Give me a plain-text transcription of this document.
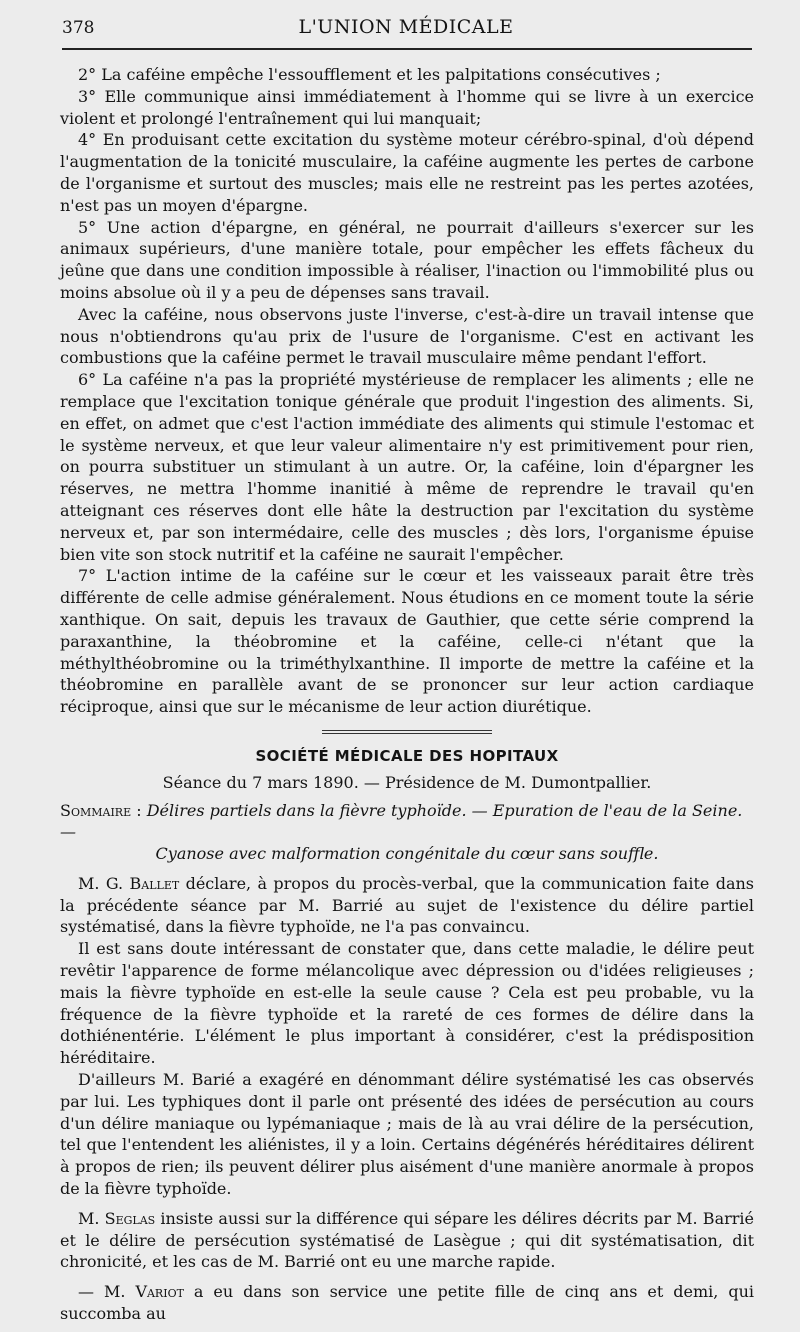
378	L'UNION MÉDICALE

2° La caféine empêche l'essoufflement et les palpitations consécutives ;

3° Elle communique ainsi immédiatement à l'homme qui se livre à un exercice violent et prolongé l'entraînement qui lui manquait;

4° En produisant cette excitation du système moteur cérébro-spinal, d'où dépend l'augmentation de la tonicité musculaire, la caféine augmente les pertes de carbone de l'organisme et surtout des muscles; mais elle ne restreint pas les pertes azotées, n'est pas un moyen d'épargne.

5° Une action d'épargne, en général, ne pourrait d'ailleurs s'exercer sur les animaux supérieurs, d'une manière totale, pour empêcher les effets fâcheux du jeûne que dans une condition impossible à réaliser, l'inaction ou l'immobilité plus ou moins absolue où il y a peu de dépenses sans travail.

Avec la caféine, nous observons juste l'inverse, c'est-à-dire un travail intense que nous n'obtiendrons qu'au prix de l'usure de l'organisme. C'est en activant les combustions que la caféine permet le travail musculaire même pendant l'effort.

6° La caféine n'a pas la propriété mystérieuse de remplacer les aliments ; elle ne remplace que l'excitation tonique générale que produit l'ingestion des aliments. Si, en effet, on admet que c'est l'action immédiate des aliments qui stimule l'estomac et le système nerveux, et que leur valeur alimentaire n'y est primitivement pour rien, on pourra substituer un stimulant à un autre. Or, la caféine, loin d'épargner les réserves, ne mettra l'homme inanitié à même de reprendre le travail qu'en atteignant ces réserves dont elle hâte la destruction par l'excitation du système nerveux et, par son intermédaire, celle des muscles ; dès lors, l'organisme épuise bien vite son stock nutritif et la caféine ne saurait l'empêcher.

7° L'action intime de la caféine sur le cœur et les vaisseaux parait être très différente de celle admise généralement. Nous étudions en ce moment toute la série xanthique. On sait, depuis les travaux de Gauthier, que cette série comprend la paraxanthine, la théobromine et la caféine, celle-ci n'étant que la méthylthéobromine ou la triméthylxanthine. Il importe de mettre la caféine et la théobromine en parallèle avant de se prononcer sur leur action cardiaque réciproque, ainsi que sur le mécanisme de leur action diurétique.

SOCIÉTÉ MÉDICALE DES HOPITAUX
Séance du 7 mars 1890. — Présidence de M. Dumontpallier.
Sommaire : Délires partiels dans la fièvre typhoïde. — Epuration de l'eau de la Seine. —
Cyanose avec malformation congénitale du cœur sans souffle.

M. G. Ballet déclare, à propos du procès-verbal, que la communication faite dans la précédente séance par M. Barrié au sujet de l'existence du délire partiel systématisé, dans la fièvre typhoïde, ne l'a pas convaincu.

Il est sans doute intéressant de constater que, dans cette maladie, le délire peut revêtir l'apparence de forme mélancolique avec dépression ou d'idées religieuses ; mais la fièvre typhoïde en est-elle la seule cause ? Cela est peu probable, vu la fréquence de la fièvre typhoïde et la rareté de ces formes de délire dans la dothiénentérie. L'élément le plus important à considérer, c'est la prédisposition héréditaire.

D'ailleurs M. Barié a exagéré en dénommant délire systématisé les cas observés par lui. Les typhiques dont il parle ont présenté des idées de persécution au cours d'un délire maniaque ou lypémaniaque ; mais de là au vrai délire de la persécution, tel que l'entendent les aliénistes, il y a loin. Certains dégénérés héréditaires délirent à propos de rien; ils peuvent délirer plus aisément d'une manière anormale à propos de la fièvre typhoïde.

M. Seglas insiste aussi sur la différence qui sépare les délires décrits par M. Barrié et le délire de persécution systématisé de Lasègue ; qui dit systématisation, dit chronicité, et les cas de M. Barrié ont eu une marche rapide.

— M. Variot a eu dans son service une petite fille de cinq ans et demi, qui succomba au
